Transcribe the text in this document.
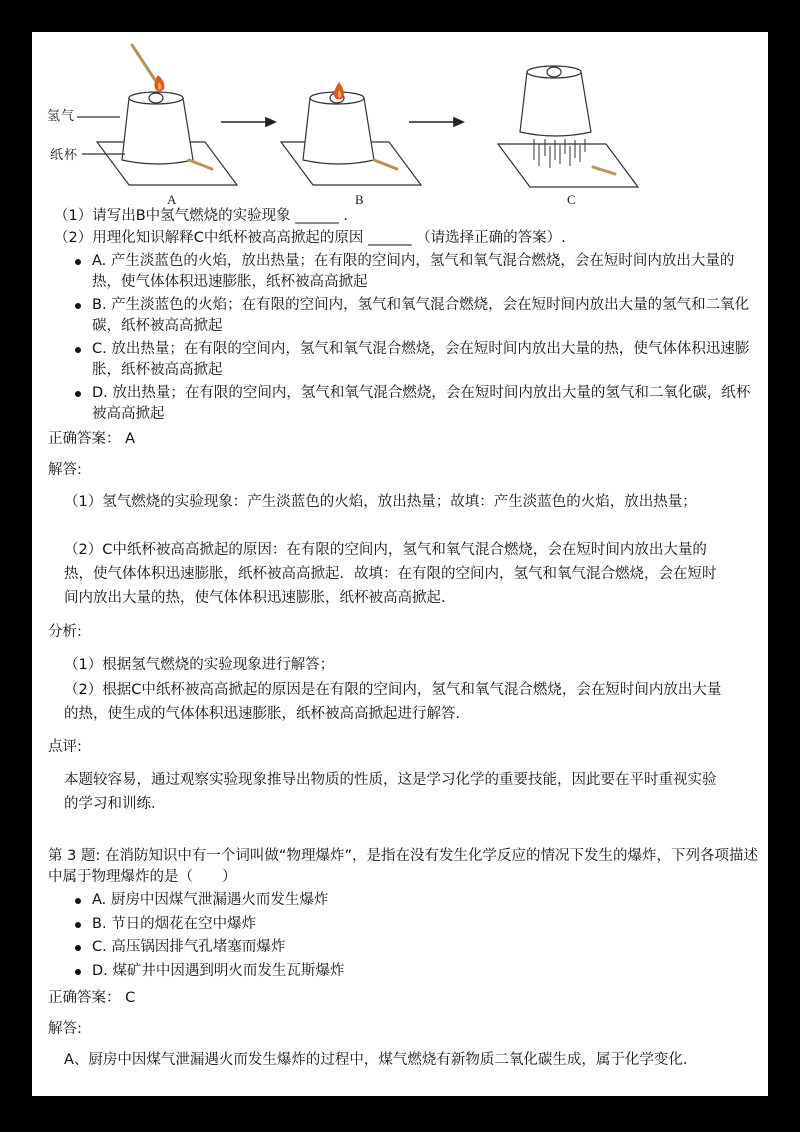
氢气
纸杯
A	B	C
（1）请写出B中氢气燃烧的实验现象 ______ .
（2）用理化知识解释C中纸杯被高高掀起的原因 ______ （请选择正确的答案）.
A. 产生淡蓝色的火焰，放出热量；在有限的空间内，氢气和氧气混合燃烧，会在短时间内放出大量的热，使气体体积迅速膨胀，纸杯被高高掀起
B. 产生淡蓝色的火焰；在有限的空间内，氢气和氧气混合燃烧，会在短时间内放出大量的氢气和二氧化碳，纸杯被高高掀起
C. 放出热量；在有限的空间内，氢气和氧气混合燃烧，会在短时间内放出大量的热，使气体体积迅速膨胀，纸杯被高高掀起
D. 放出热量；在有限的空间内，氢气和氧气混合燃烧，会在短时间内放出大量的氢气和二氧化碳，纸杯被高高掀起
正确答案： A
解答:
（1）氢气燃烧的实验现象：产生淡蓝色的火焰，放出热量；故填：产生淡蓝色的火焰，放出热量；
（2）C中纸杯被高高掀起的原因：在有限的空间内，氢气和氧气混合燃烧，会在短时间内放出大量的热，使气体体积迅速膨胀，纸杯被高高掀起．故填：在有限的空间内，氢气和氧气混合燃烧，会在短时间内放出大量的热，使气体体积迅速膨胀，纸杯被高高掀起．
分析:
（1）根据氢气燃烧的实验现象进行解答；
（2）根据C中纸杯被高高掀起的原因是在有限的空间内，氢气和氧气混合燃烧，会在短时间内放出大量的热，使生成的气体体积迅速膨胀，纸杯被高高掀起进行解答．
点评:
本题较容易，通过观察实验现象推导出物质的性质，这是学习化学的重要技能，因此要在平时重视实验的学习和训练．
第 3 题: 在消防知识中有一个词叫做“物理爆炸”，是指在没有发生化学反应的情况下发生的爆炸，下列各项描述中属于物理爆炸的是（　　）
A. 厨房中因煤气泄漏遇火而发生爆炸
B. 节日的烟花在空中爆炸
C. 高压锅因排气孔堵塞而爆炸
D. 煤矿井中因遇到明火而发生瓦斯爆炸
正确答案： C
解答:
A、厨房中因煤气泄漏遇火而发生爆炸的过程中，煤气燃烧有新物质二氧化碳生成，属于化学变化．
